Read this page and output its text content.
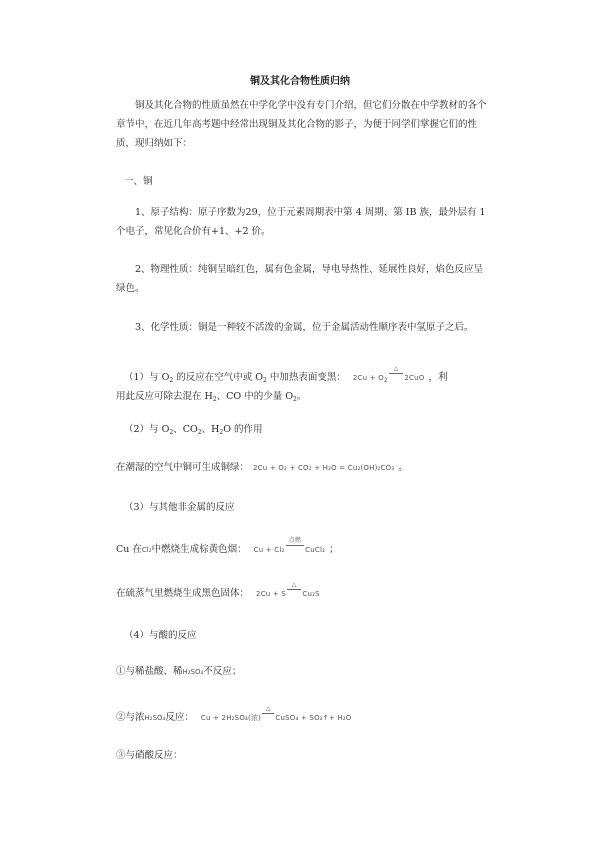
铜及其化合物性质归纳

铜及其化合物的性质虽然在中学化学中没有专门介绍，但它们分散在中学教材的各个章节中，在近几年高考题中经常出现铜及其化合物的影子，为便于同学们掌握它们的性质，现归纳如下：

一、铜

1、原子结构：原子序数为29，位于元素周期表中第 4 周期、第 IB 族，最外层有 1 个电子，常见化合价有+1、+2 价。

2、物理性质：纯铜呈暗红色，属有色金属，导电导热性、延展性良好，焰色反应呈绿色。

3、化学性质：铜是一种较不活泼的金属，位于金属活动性顺序表中氢原子之后。

（1）与 $O_2$ 的反应在空气中或 $O_2$ 中加热表面变黑： 2Cu + O2
△
​    2CuO ，利

用此反应可除去混在 $H_2$、CO 中的少量 $O_2$。

（2）与 $O_2$、$CO_2$、$H_2O$ 的作用

在潮湿的空气中铜可生成铜绿： 2Cu + O₂ + CO₂ + H₂O = Cu₂(OH)₂CO₃ 。

（3）与其他非金属的反应

Cu 在Cl₂中燃烧生成棕黄色烟： Cu + Cl₂
点燃
​      CuCl₂ ；

在硫蒸气里燃烧生成黑色固体： 2Cu + S
△
​    Cu₂S

（4）与酸的反应

①与稀盐酸、稀H₂SO₄不反应；

②与浓H₂SO₄反应： Cu + 2H₂SO₄(浓)
△
​   CuSO₄ + SO₂↑+ H₂O

③与硝酸反应：
